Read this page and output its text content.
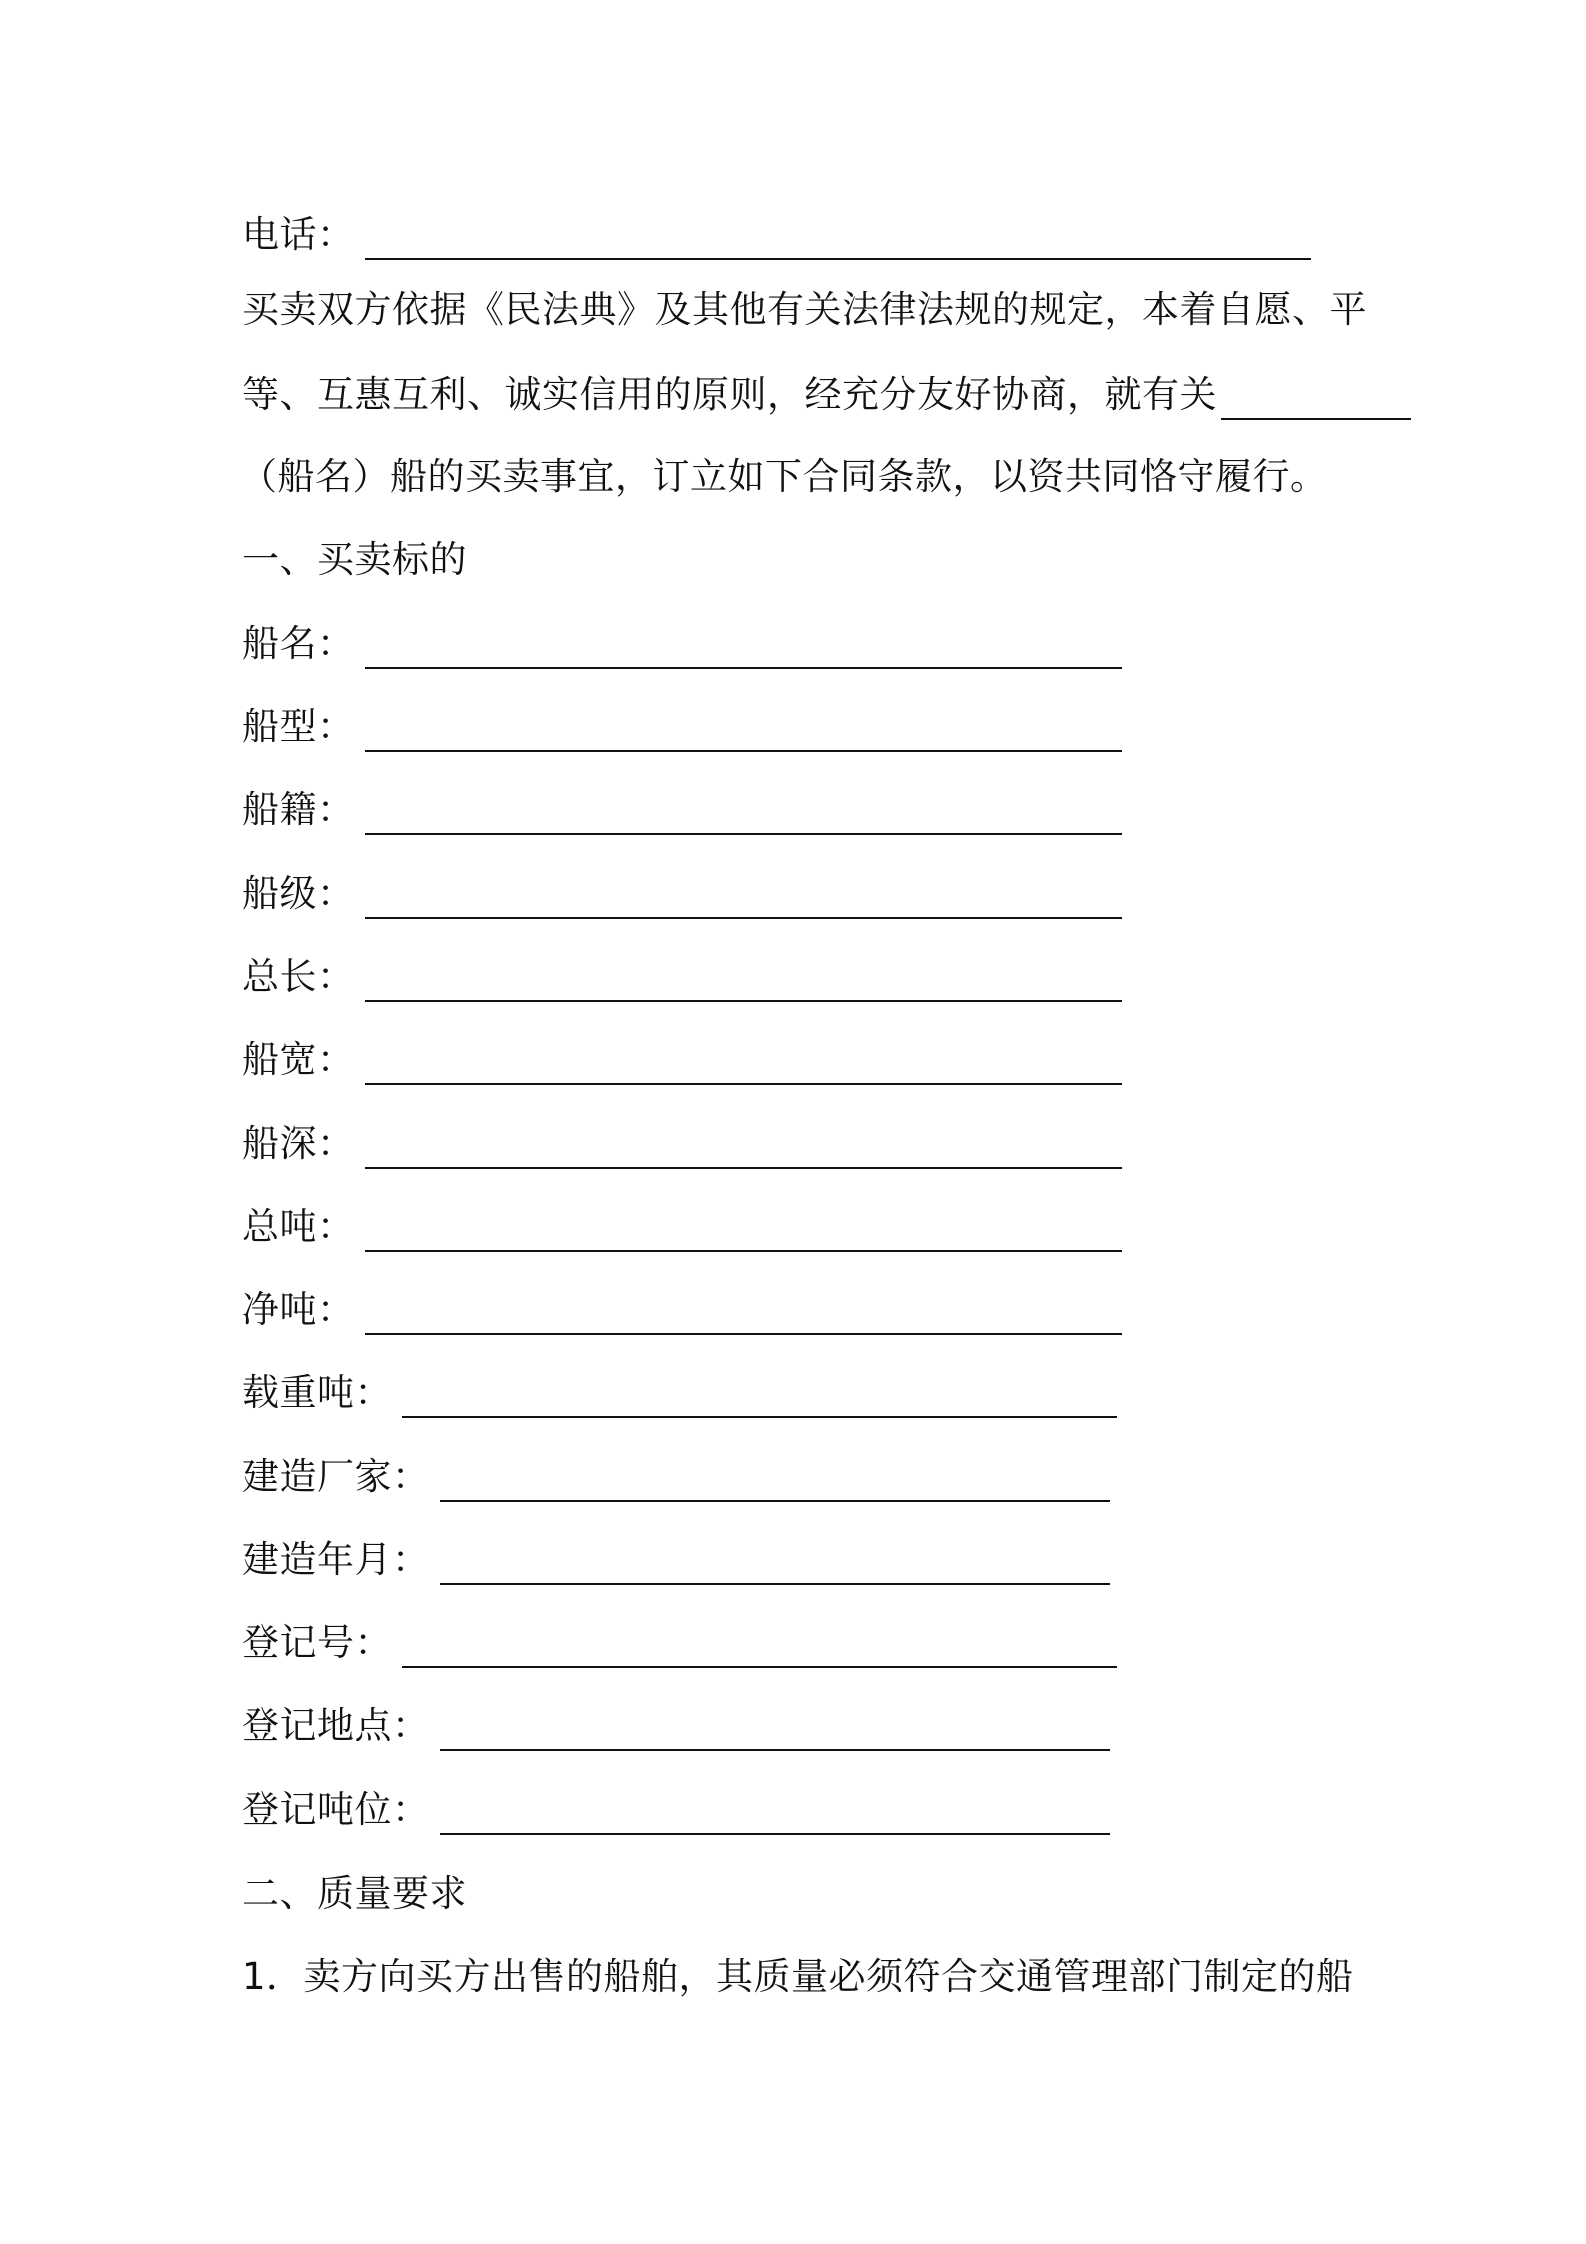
电话：
买卖双方依据《民法典》及其他有关法律法规的规定，本着自愿、平
等、互惠互利、诚实信用的原则，经充分友好协商，就有关
（船名）船的买卖事宜，订立如下合同条款，以资共同恪守履行。
一、买卖标的
船名：
船型：
船籍：
船级：
总长：
船宽：
船深：
总吨：
净吨：
载重吨：
建造厂家：
建造年月：
登记号：
登记地点：
登记吨位：
二、质量要求
1．卖方向买方出售的船舶，其质量必须符合交通管理部门制定的船
